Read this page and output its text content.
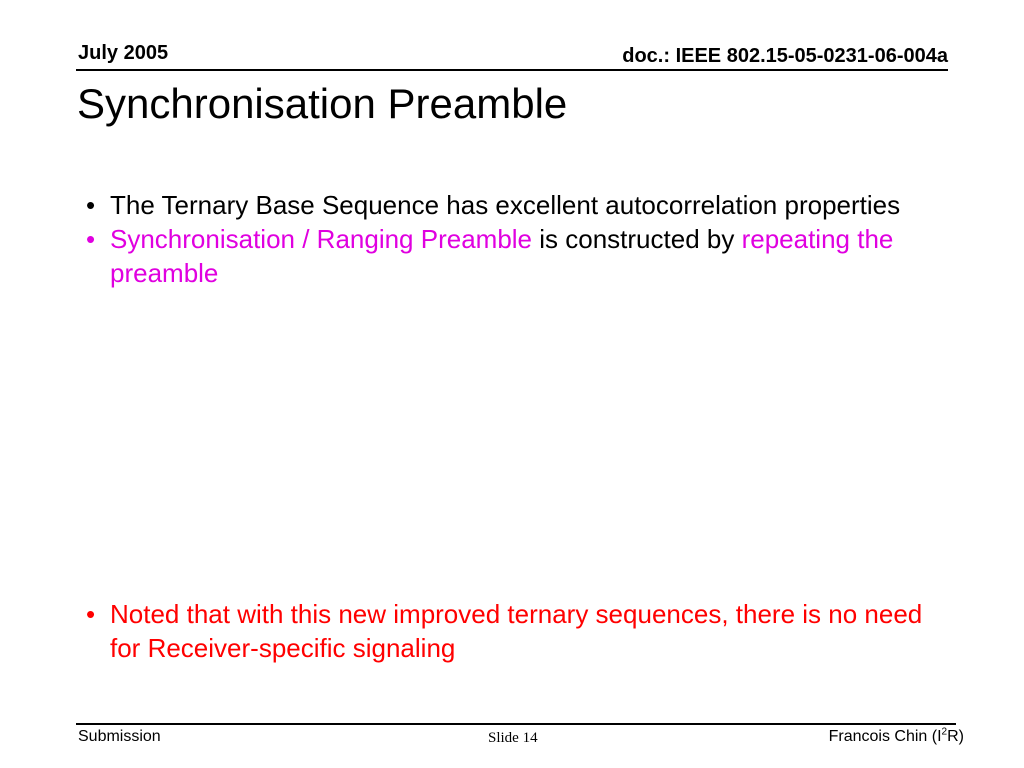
July 2005	doc.: IEEE 802.15-05-0231-06-004a
Synchronisation Preamble
• The Ternary Base Sequence has excellent autocorrelation properties
• Synchronisation / Ranging Preamble is constructed by repeating the preamble
• Noted that with this new improved ternary sequences, there is no need for Receiver-specific signaling
Submission	Slide 14	Francois Chin $(I^2R)$
